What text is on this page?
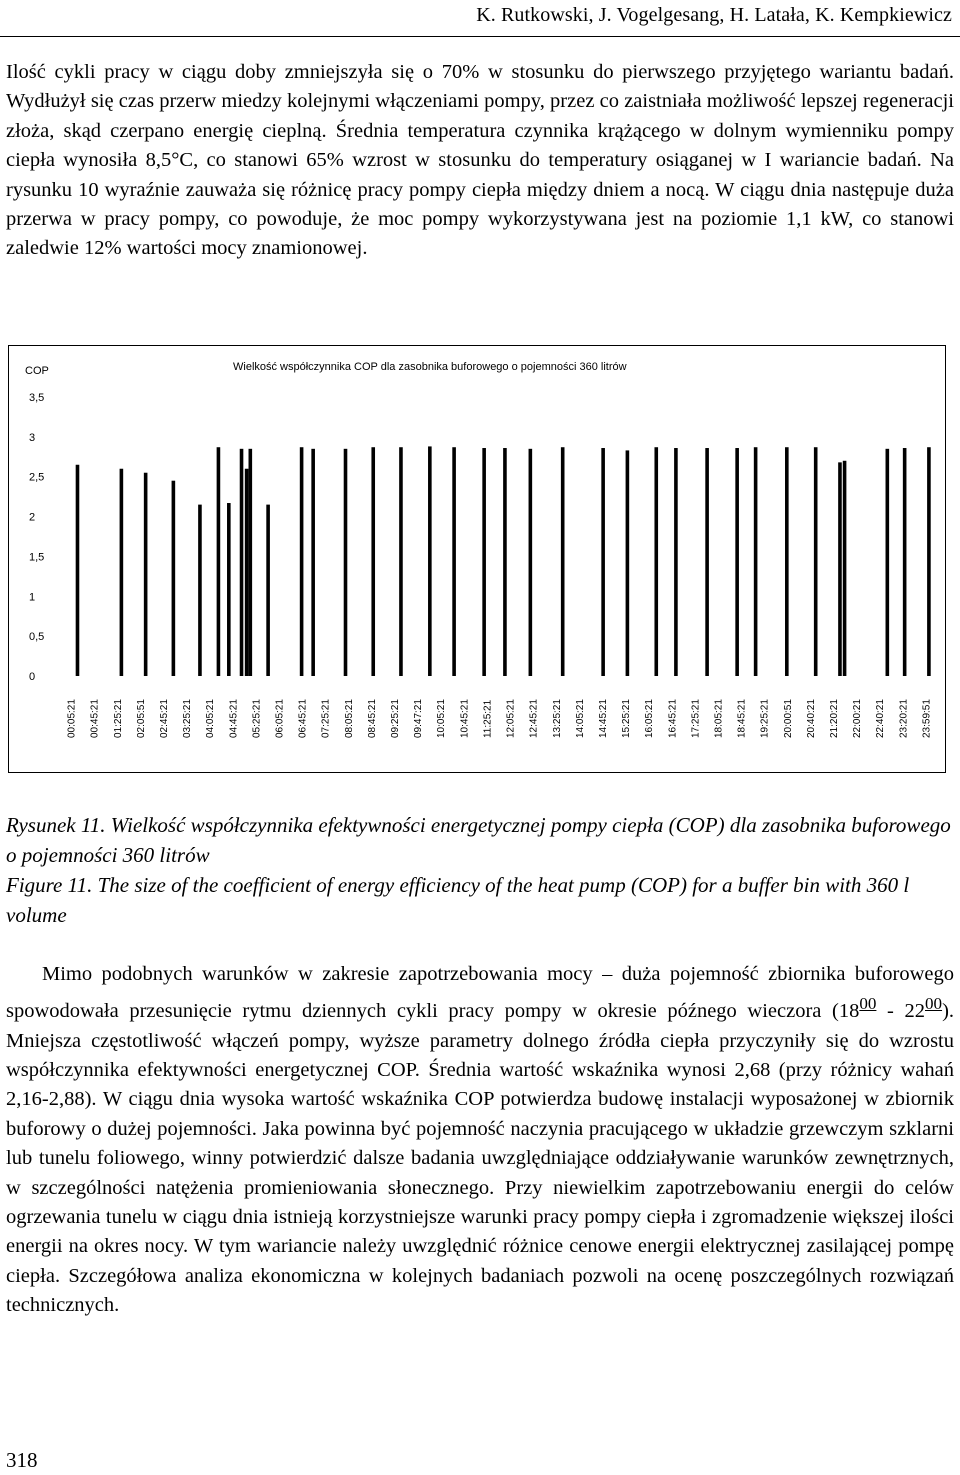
K. Rutkowski, J. Vogelgesang, H. Latała, K. Kempkiewicz
Ilość cykli pracy w ciągu doby zmniejszyła się o 70% w stosunku do pierwszego przyjętego wariantu badań. Wydłużył się czas przerw miedzy kolejnymi włączeniami pompy, przez co zaistniała możliwość lepszej regeneracji złoża, skąd czerpano energię cieplną. Średnia temperatura czynnika krążącego w dolnym wymienniku pompy ciepła wynosiła 8,5°C, co stanowi 65% wzrost w stosunku do temperatury osiąganej w I wariancie badań. Na rysunku 10 wyraźnie zauważa się różnicę pracy pompy ciepła między dniem a nocą. W ciągu dnia następuje duża przerwa w pracy pompy, co powoduje, że moc pompy wykorzystywana jest na poziomie 1,1 kW, co stanowi zaledwie 12% wartości mocy znamionowej.
COP	Wielkość współczynnika COP dla zasobnika buforowego o pojemności 360 litrów
3,5
3
2,5
2
1,5
1
0,5
0
00:05:21 00:45:21 01:25:21 02:05:51 02:45:21 03:25:21 04:05:21 04:45:21 05:25:21 06:05:21 06:45:21 07:25:21 08:05:21 08:45:21 09:25:21 09:47:21 10:05:21 10:45:21 11:25:21 12:05:21 12:45:21 13:25:21 14:05:21 14:45:21 15:25:21 16:05:21 16:45:21 17:25:21 18:05:21 18:45:21 19:25:21 20:00:51 20:40:21 21:20:21 22:00:21 22:40:21 23:20:21 23:59:51
Rysunek 11. Wielkość współczynnika efektywności energetycznej pompy ciepła (COP) dla zasobnika buforowego o pojemności 360 litrów
Figure 11. The size of the coefficient of energy efficiency of the heat pump (COP) for a buffer bin with 360 l volume
Mimo podobnych warunków w zakresie zapotrzebowania mocy – duża pojemność zbiornika buforowego spowodowała przesunięcie rytmu dziennych cykli pracy pompy w okresie późnego wieczora $(18^{00} - 22^{00})$. Mniejsza częstotliwość włączeń pompy, wyższe parametry dolnego źródła ciepła przyczyniły się do wzrostu współczynnika efektywności energetycznej COP. Średnia wartość wskaźnika wynosi 2,68 (przy różnicy wahań 2,16-2,88). W ciągu dnia wysoka wartość wskaźnika COP potwierdza budowę instalacji wyposażonej w zbiornik buforowy o dużej pojemności. Jaka powinna być pojemność naczynia pracującego w układzie grzewczym szklarni lub tunelu foliowego, winny potwierdzić dalsze badania uwzględniające oddziaływanie warunków zewnętrznych, w szczególności natężenia promieniowania słonecznego. Przy niewielkim zapotrzebowaniu energii do celów ogrzewania tunelu w ciągu dnia istnieją korzystniejsze warunki pracy pompy ciepła i zgromadzenie większej ilości energii na okres nocy. W tym wariancie należy uwzględnić różnice cenowe energii elektrycznej zasilającej pompę ciepła. Szczegółowa analiza ekonomiczna w kolejnych badaniach pozwoli na ocenę poszczególnych rozwiązań technicznych.
318
